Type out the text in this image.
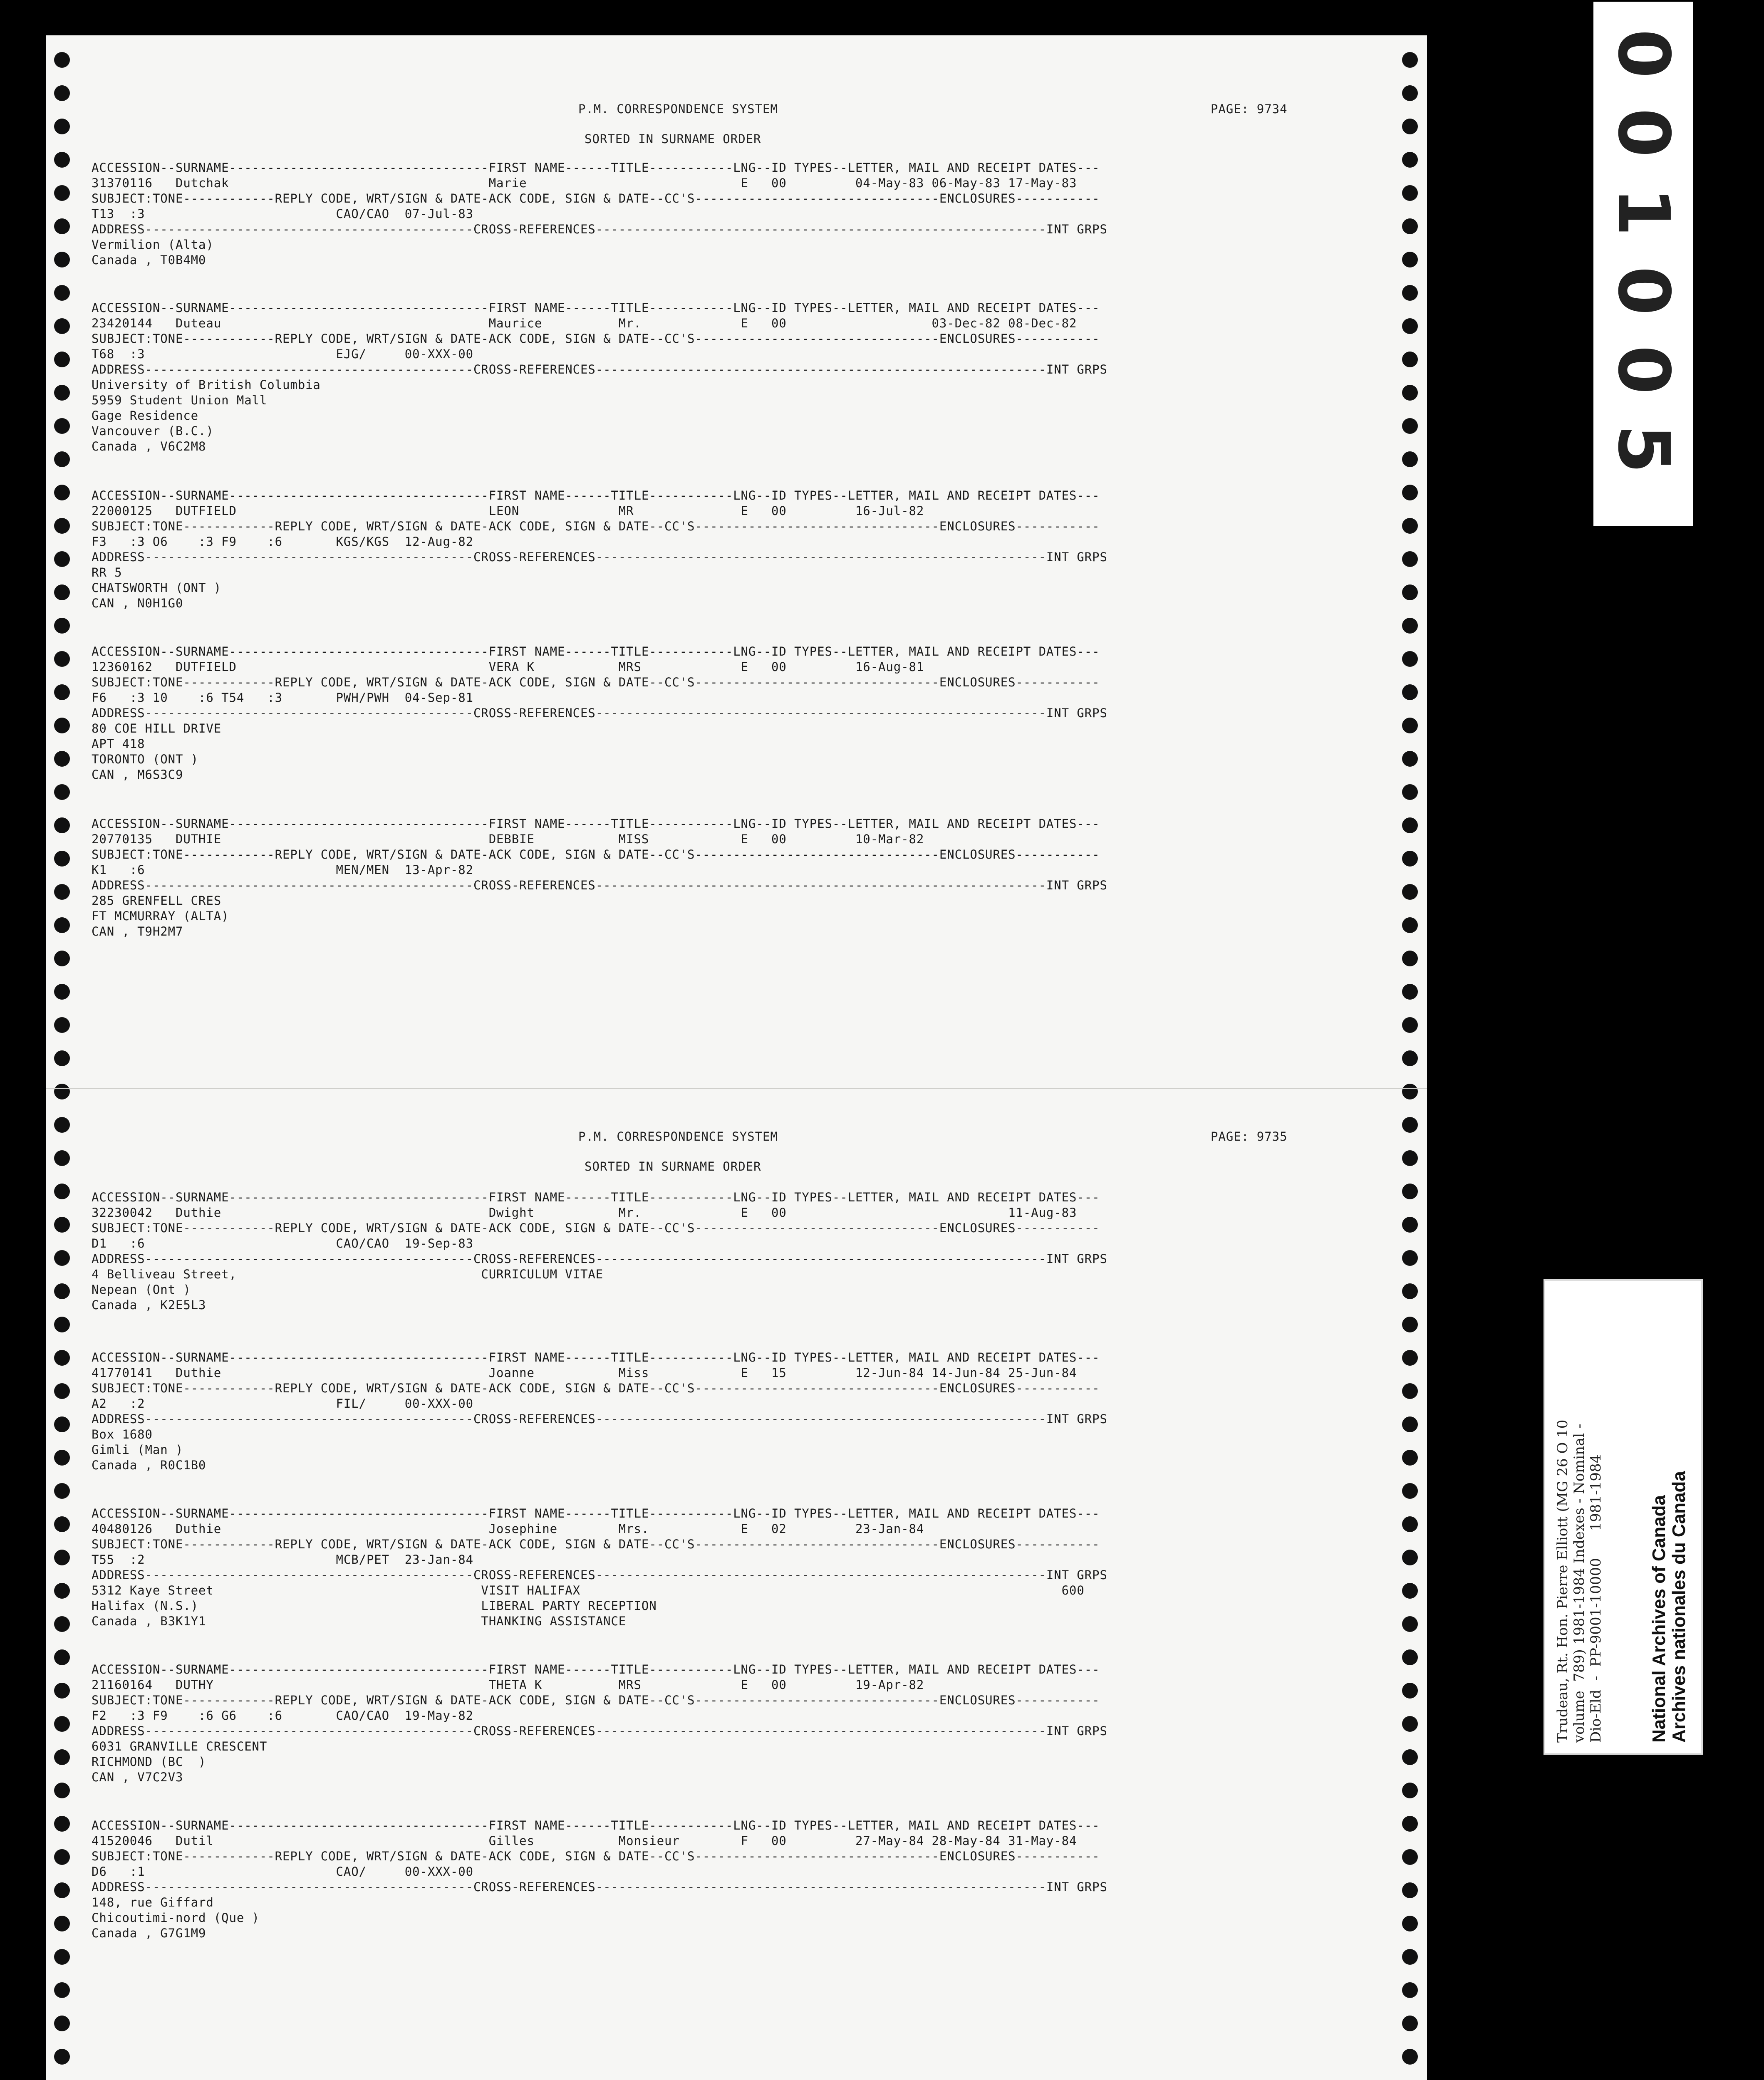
P.M. CORRESPONDENCE SYSTEM	PAGE: 9734
SORTED IN SURNAME ORDER
ACCESSION--SURNAME----------------------------------FIRST NAME------TITLE-----------LNG--ID TYPES--LETTER, MAIL AND RECEIPT DATES---
31370116   Dutchak                                  Marie                            E   00         04-May-83 06-May-83 17-May-83
SUBJECT:TONE------------REPLY CODE, WRT/SIGN & DATE-ACK CODE, SIGN & DATE--CC'S--------------------------------ENCLOSURES-----------
T13  :3                         CAO/CAO  07-Jul-83
ADDRESS-------------------------------------------CROSS-REFERENCES-----------------------------------------------------------INT GRPS
Vermilion (Alta)
Canada , T0B4M0
ACCESSION--SURNAME----------------------------------FIRST NAME------TITLE-----------LNG--ID TYPES--LETTER, MAIL AND RECEIPT DATES---
23420144   Duteau                                   Maurice          Mr.             E   00                   03-Dec-82 08-Dec-82
SUBJECT:TONE------------REPLY CODE, WRT/SIGN & DATE-ACK CODE, SIGN & DATE--CC'S--------------------------------ENCLOSURES-----------
T68  :3                         EJG/     00-XXX-00
ADDRESS-------------------------------------------CROSS-REFERENCES-----------------------------------------------------------INT GRPS
University of British Columbia
5959 Student Union Mall
Gage Residence
Vancouver (B.C.)
Canada , V6C2M8
ACCESSION--SURNAME----------------------------------FIRST NAME------TITLE-----------LNG--ID TYPES--LETTER, MAIL AND RECEIPT DATES---
22000125   DUTFIELD                                 LEON             MR              E   00         16-Jul-82
SUBJECT:TONE------------REPLY CODE, WRT/SIGN & DATE-ACK CODE, SIGN & DATE--CC'S--------------------------------ENCLOSURES-----------
F3   :3 O6    :3 F9    :6       KGS/KGS  12-Aug-82
ADDRESS-------------------------------------------CROSS-REFERENCES-----------------------------------------------------------INT GRPS
RR 5
CHATSWORTH (ONT )
CAN , N0H1G0
ACCESSION--SURNAME----------------------------------FIRST NAME------TITLE-----------LNG--ID TYPES--LETTER, MAIL AND RECEIPT DATES---
12360162   DUTFIELD                                 VERA K           MRS             E   00         16-Aug-81
SUBJECT:TONE------------REPLY CODE, WRT/SIGN & DATE-ACK CODE, SIGN & DATE--CC'S--------------------------------ENCLOSURES-----------
F6   :3 10    :6 T54   :3       PWH/PWH  04-Sep-81
ADDRESS-------------------------------------------CROSS-REFERENCES-----------------------------------------------------------INT GRPS
80 COE HILL DRIVE
APT 418
TORONTO (ONT )
CAN , M6S3C9
ACCESSION--SURNAME----------------------------------FIRST NAME------TITLE-----------LNG--ID TYPES--LETTER, MAIL AND RECEIPT DATES---
20770135   DUTHIE                                   DEBBIE           MISS            E   00         10-Mar-82
SUBJECT:TONE------------REPLY CODE, WRT/SIGN & DATE-ACK CODE, SIGN & DATE--CC'S--------------------------------ENCLOSURES-----------
K1   :6                         MEN/MEN  13-Apr-82
ADDRESS-------------------------------------------CROSS-REFERENCES-----------------------------------------------------------INT GRPS
285 GRENFELL CRES
FT MCMURRAY (ALTA)
CAN , T9H2M7
P.M. CORRESPONDENCE SYSTEM	PAGE: 9735
SORTED IN SURNAME ORDER
ACCESSION--SURNAME----------------------------------FIRST NAME------TITLE-----------LNG--ID TYPES--LETTER, MAIL AND RECEIPT DATES---
32230042   Duthie                                   Dwight           Mr.             E   00                             11-Aug-83
SUBJECT:TONE------------REPLY CODE, WRT/SIGN & DATE-ACK CODE, SIGN & DATE--CC'S--------------------------------ENCLOSURES-----------
D1   :6                         CAO/CAO  19-Sep-83
ADDRESS-------------------------------------------CROSS-REFERENCES-----------------------------------------------------------INT GRPS
4 Belliveau Street,                                CURRICULUM VITAE
Nepean (Ont )
Canada , K2E5L3
ACCESSION--SURNAME----------------------------------FIRST NAME------TITLE-----------LNG--ID TYPES--LETTER, MAIL AND RECEIPT DATES---
41770141   Duthie                                   Joanne           Miss            E   15         12-Jun-84 14-Jun-84 25-Jun-84
SUBJECT:TONE------------REPLY CODE, WRT/SIGN & DATE-ACK CODE, SIGN & DATE--CC'S--------------------------------ENCLOSURES-----------
A2   :2                         FIL/     00-XXX-00
ADDRESS-------------------------------------------CROSS-REFERENCES-----------------------------------------------------------INT GRPS
Box 1680
Gimli (Man )
Canada , R0C1B0
ACCESSION--SURNAME----------------------------------FIRST NAME------TITLE-----------LNG--ID TYPES--LETTER, MAIL AND RECEIPT DATES---
40480126   Duthie                                   Josephine        Mrs.            E   02         23-Jan-84
SUBJECT:TONE------------REPLY CODE, WRT/SIGN & DATE-ACK CODE, SIGN & DATE--CC'S--------------------------------ENCLOSURES-----------
T55  :2                         MCB/PET  23-Jan-84
ADDRESS-------------------------------------------CROSS-REFERENCES-----------------------------------------------------------INT GRPS
5312 Kaye Street                                   VISIT HALIFAX                                                               600
Halifax (N.S.)                                     LIBERAL PARTY RECEPTION
Canada , B3K1Y1                                    THANKING ASSISTANCE
ACCESSION--SURNAME----------------------------------FIRST NAME------TITLE-----------LNG--ID TYPES--LETTER, MAIL AND RECEIPT DATES---
21160164   DUTHY                                    THETA K          MRS             E   00         19-Apr-82
SUBJECT:TONE------------REPLY CODE, WRT/SIGN & DATE-ACK CODE, SIGN & DATE--CC'S--------------------------------ENCLOSURES-----------
F2   :3 F9    :6 G6    :6       CAO/CAO  19-May-82
ADDRESS-------------------------------------------CROSS-REFERENCES-----------------------------------------------------------INT GRPS
6031 GRANVILLE CRESCENT
RICHMOND (BC  )
CAN , V7C2V3
ACCESSION--SURNAME----------------------------------FIRST NAME------TITLE-----------LNG--ID TYPES--LETTER, MAIL AND RECEIPT DATES---
41520046   Dutil                                    Gilles           Monsieur        F   00         27-May-84 28-May-84 31-May-84
SUBJECT:TONE------------REPLY CODE, WRT/SIGN & DATE-ACK CODE, SIGN & DATE--CC'S--------------------------------ENCLOSURES-----------
D6   :1                         CAO/     00-XXX-00
ADDRESS-------------------------------------------CROSS-REFERENCES-----------------------------------------------------------INT GRPS
148, rue Giffard
Chicoutimi-nord (Que )
Canada , G7G1M9
0
0
1
0
0
5
Trudeau, Rt. Hon. Pierre Elliott (MG 26 O 10 volume  789) 1981-1984 Indexes - Nominal - Dio-Eld  -  PP-9001-10000      1981-1984 National Archives of Canada Archives nationales du Canada
